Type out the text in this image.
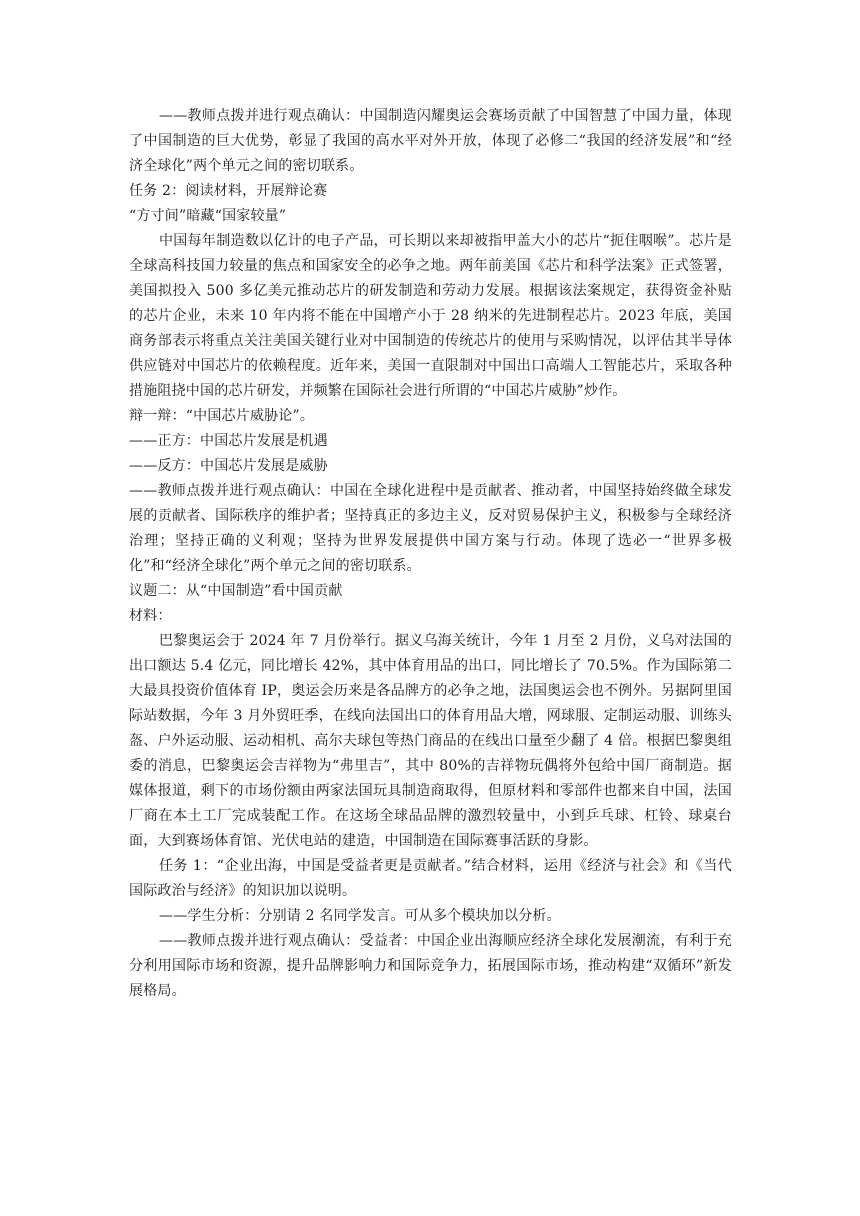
——教师点拨并进行观点确认：中国制造闪耀奥运会赛场贡献了中国智慧了中国力量，体现了中国制造的巨大优势，彰显了我国的高水平对外开放，体现了必修二“我国的经济发展”和“经济全球化”两个单元之间的密切联系。

任务 2：阅读材料，开展辩论赛

“方寸间”暗藏“国家较量”

中国每年制造数以亿计的电子产品，可长期以来却被指甲盖大小的芯片“扼住咽喉”。芯片是全球高科技国力较量的焦点和国家安全的必争之地。两年前美国《芯片和科学法案》正式签署，美国拟投入 500 多亿美元推动芯片的研发制造和劳动力发展。根据该法案规定，获得资金补贴的芯片企业，未来 10 年内将不能在中国增产小于 28 纳米的先进制程芯片。2023 年底，美国商务部表示将重点关注美国关键行业对中国制造的传统芯片的使用与采购情况，以评估其半导体供应链对中国芯片的依赖程度。近年来，美国一直限制对中国出口高端人工智能芯片，采取各种措施阻挠中国的芯片研发，并频繁在国际社会进行所谓的“中国芯片威胁”炒作。

辩一辩：“中国芯片威胁论”。

——正方：中国芯片发展是机遇

——反方：中国芯片发展是威胁

——教师点拨并进行观点确认：中国在全球化进程中是贡献者、推动者，中国坚持始终做全球发展的贡献者、国际秩序的维护者；坚持真正的多边主义，反对贸易保护主义，积极参与全球经济治理；坚持正确的义利观；坚持为世界发展提供中国方案与行动。体现了选必一“世界多极化”和“经济全球化”两个单元之间的密切联系。

议题二：从“中国制造”看中国贡献

材料：

巴黎奥运会于 2024 年 7 月份举行。据义乌海关统计，今年 1 月至 2 月份，义乌对法国的出口额达 5.4 亿元，同比增长 42%，其中体育用品的出口，同比增长了 70.5%。作为国际第二大最具投资价值体育 IP，奥运会历来是各品牌方的必争之地，法国奥运会也不例外。另据阿里国际站数据，今年 3 月外贸旺季，在线向法国出口的体育用品大增，网球服、定制运动服、训练头盔、户外运动服、运动相机、高尔夫球包等热门商品的在线出口量至少翻了 4 倍。根据巴黎奥组委的消息，巴黎奥运会吉祥物为“弗里吉”，其中 80%的吉祥物玩偶将外包给中国厂商制造。据媒体报道，剩下的市场份额由两家法国玩具制造商取得，但原材料和零部件也都来自中国，法国厂商在本土工厂完成装配工作。在这场全球品品牌的激烈较量中，小到乒乓球、杠铃、球桌台面，大到赛场体育馆、光伏电站的建造，中国制造在国际赛事活跃的身影。

任务 1：“企业出海，中国是受益者更是贡献者。”结合材料，运用《经济与社会》和《当代国际政治与经济》的知识加以说明。

——学生分析：分别请 2 名同学发言。可从多个模块加以分析。

——教师点拨并进行观点确认：受益者：中国企业出海顺应经济全球化发展潮流，有利于充分利用国际市场和资源，提升品牌影响力和国际竞争力，拓展国际市场，推动构建“双循环”新发展格局。
